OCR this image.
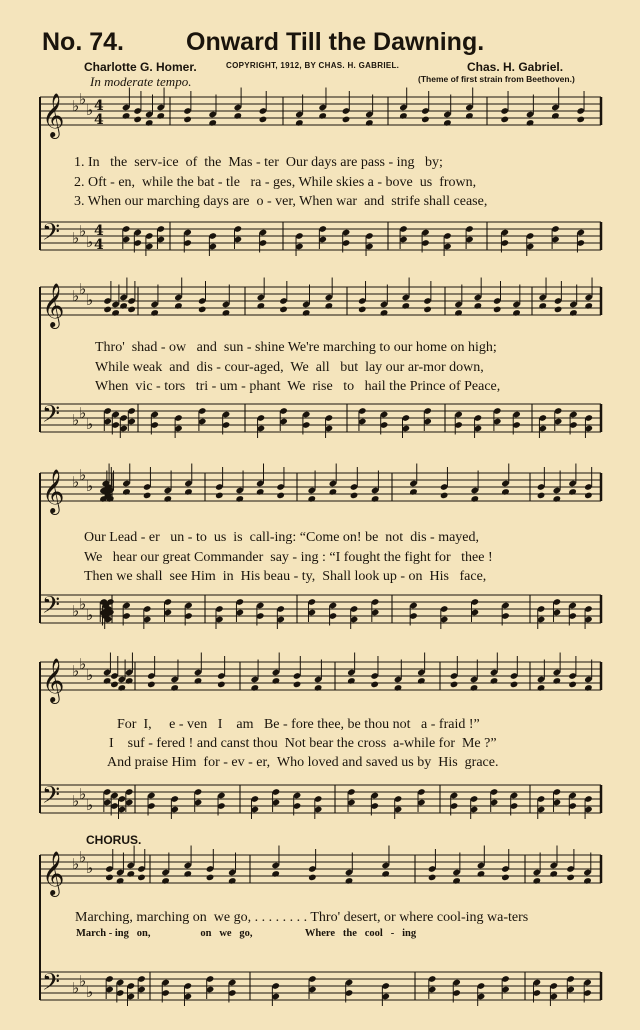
No. 74. Onward Till the Dawning.
Charlotte G. Homer.	COPYRIGHT, 1912, BY CHAS. H. GABRIEL.	Chas. H. Gabriel.
In moderate tempo.	(Theme of first strain from Beethoven.)
𝄞 ♭ ♭
♭ 4
4
𝄢 ♭ ♭
♭
4
4
𝄞 ♭ ♭
♭
𝄢 ♭ ♭
♭
𝄞 ♭ ♭
♭
𝄢 ♭ ♭
♭
𝄞 ♭ ♭
♭
𝄢 ♭ ♭
♭
𝄞 ♭ ♭
♭
𝄢 ♭ ♭
♭
1. In   the  serv-ice  of  the  Mas - ter  Our days are pass - ing   by;
2. Oft - en,  while the bat - tle   ra - ges, While skies a - bove  us  frown,
3. When our marching days are  o - ver, When war  and  strife shall cease,
Thro'  shad - ow   and  sun - shine We're marching to our home on high;
While weak  and  dis - cour-aged,  We  all   but  lay our ar-mor down,
When  vic - tors   tri - um - phant  We  rise   to   hail the Prince of Peace,
Our Lead - er   un - to  us  is  call-ing: “Come on! be  not  dis - mayed,
We   hear our great Commander  say - ing : “I fought the fight for   thee !
Then we shall  see Him  in  His beau - ty,  Shall look up - on  His   face,
For  I,     e - ven   I    am   Be - fore thee, be thou not   a - fraid !”
I    suf - fered ! and canst thou  Not bear the cross  a-while for  Me ?”
And praise Him  for - ev - er,  Who loved and saved us by  His  grace.
CHORUS.
Marching, marching on  we go, . . . . . . . . Thro' desert, or where cool-ing wa-ters
March - ing   on,                   on   we   go,                    Where   the   cool   -   ing
